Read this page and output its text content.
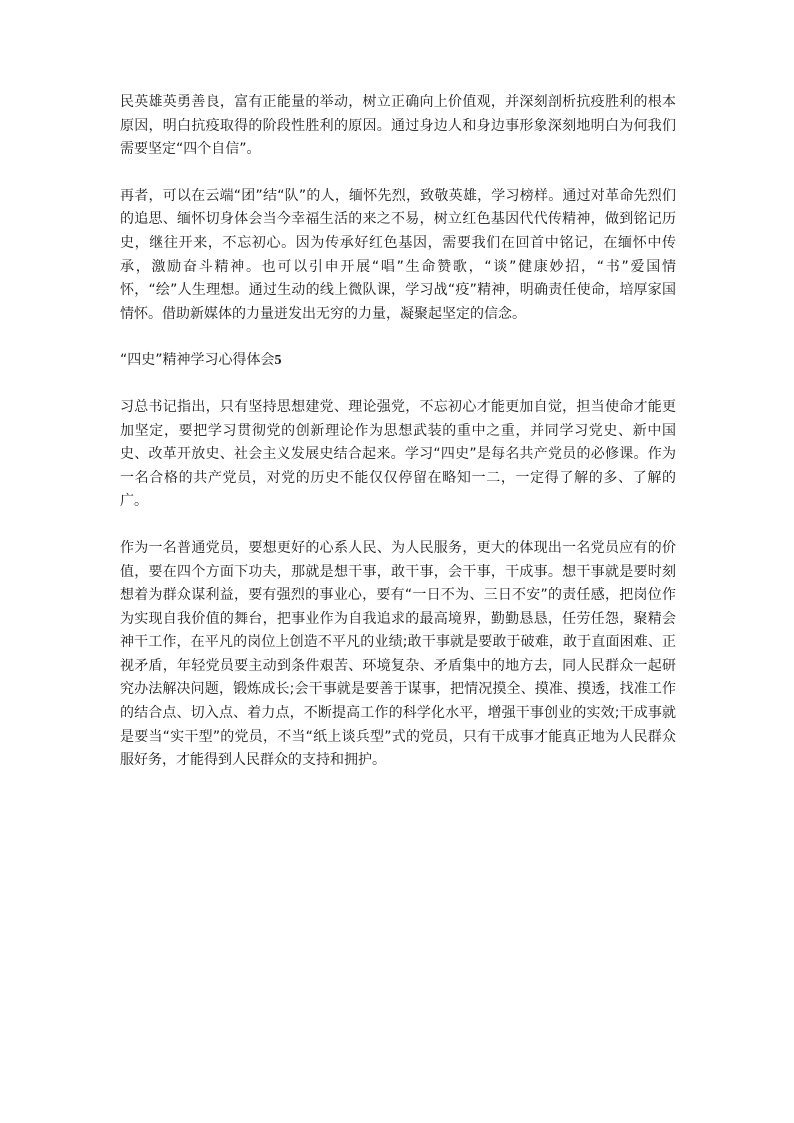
民英雄英勇善良，富有正能量的举动，树立正确向上价值观，并深刻剖析抗疫胜利的根本原因，明白抗疫取得的阶段性胜利的原因。通过身边人和身边事形象深刻地明白为何我们需要坚定“四个自信”。

再者，可以在云端“团”结“队”的人，缅怀先烈，致敬英雄，学习榜样。通过对革命先烈们的追思、缅怀切身体会当今幸福生活的来之不易，树立红色基因代代传精神，做到铭记历史，继往开来，不忘初心。因为传承好红色基因，需要我们在回首中铭记，在缅怀中传承，激励奋斗精神。也可以引申开展“唱”生命赞歌，“谈”健康妙招，“书”爱国情怀，“绘”人生理想。通过生动的线上微队课，学习战“疫”精神，明确责任使命，培厚家国情怀。借助新媒体的力量迸发出无穷的力量，凝聚起坚定的信念。

“四史”精神学习心得体会5

习总书记指出，只有坚持思想建党、理论强党，不忘初心才能更加自觉，担当使命才能更加坚定，要把学习贯彻党的创新理论作为思想武装的重中之重，并同学习党史、新中国史、改革开放史、社会主义发展史结合起来。学习“四史”是每名共产党员的必修课。作为一名合格的共产党员，对党的历史不能仅仅停留在略知一二，一定得了解的多、了解的广。

作为一名普通党员，要想更好的心系人民、为人民服务，更大的体现出一名党员应有的价值，要在四个方面下功夫，那就是想干事，敢干事，会干事，干成事。想干事就是要时刻想着为群众谋利益，要有强烈的事业心，要有“一日不为、三日不安”的责任感，把岗位作为实现自我价值的舞台，把事业作为自我追求的最高境界，勤勤恳恳，任劳任怨，聚精会神干工作，在平凡的岗位上创造不平凡的业绩;敢干事就是要敢于破难，敢于直面困难、正视矛盾，年轻党员要主动到条件艰苦、环境复杂、矛盾集中的地方去，同人民群众一起研究办法解决问题，锻炼成长;会干事就是要善于谋事，把情况摸全、摸准、摸透，找准工作的结合点、切入点、着力点，不断提高工作的科学化水平，增强干事创业的实效;干成事就是要当“实干型”的党员，不当“纸上谈兵型”式的党员，只有干成事才能真正地为人民群众服好务，才能得到人民群众的支持和拥护。
